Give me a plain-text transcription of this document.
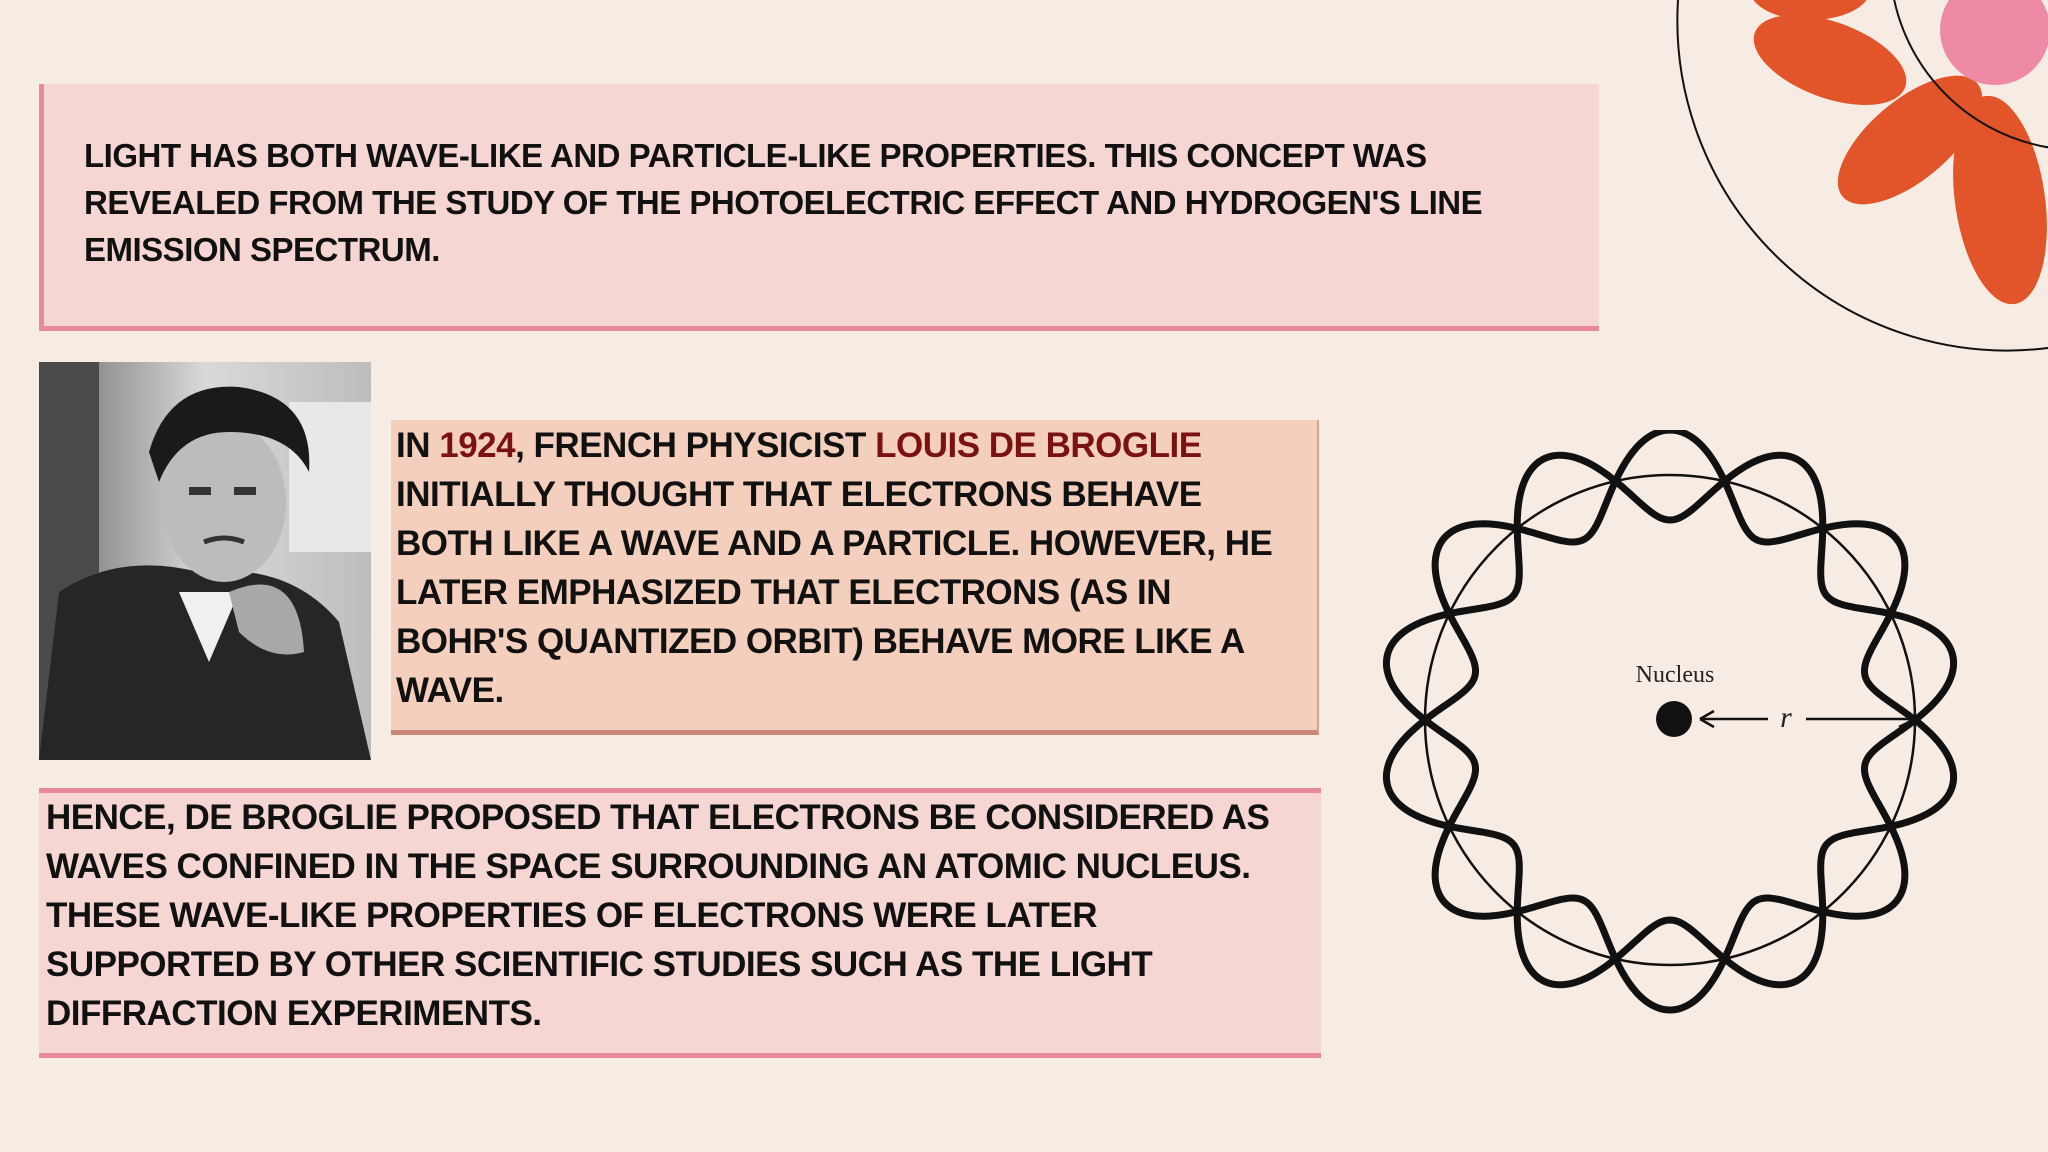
LIGHT HAS BOTH WAVE-LIKE AND PARTICLE-LIKE PROPERTIES. THIS CONCEPT WAS REVEALED FROM THE STUDY OF THE PHOTOELECTRIC EFFECT AND HYDROGEN'S LINE EMISSION SPECTRUM.
IN 1924, FRENCH PHYSICIST LOUIS DE BROGLIE INITIALLY THOUGHT THAT ELECTRONS BEHAVE BOTH LIKE A WAVE AND A PARTICLE. HOWEVER, HE LATER EMPHASIZED THAT ELECTRONS (AS IN BOHR'S QUANTIZED ORBIT) BEHAVE MORE LIKE A WAVE.
HENCE, DE BROGLIE PROPOSED THAT ELECTRONS BE CONSIDERED AS WAVES CONFINED IN THE SPACE SURROUNDING AN ATOMIC NUCLEUS. THESE WAVE-LIKE PROPERTIES OF ELECTRONS WERE LATER SUPPORTED BY OTHER SCIENTIFIC STUDIES SUCH AS THE LIGHT DIFFRACTION EXPERIMENTS.
Nucleus
r
